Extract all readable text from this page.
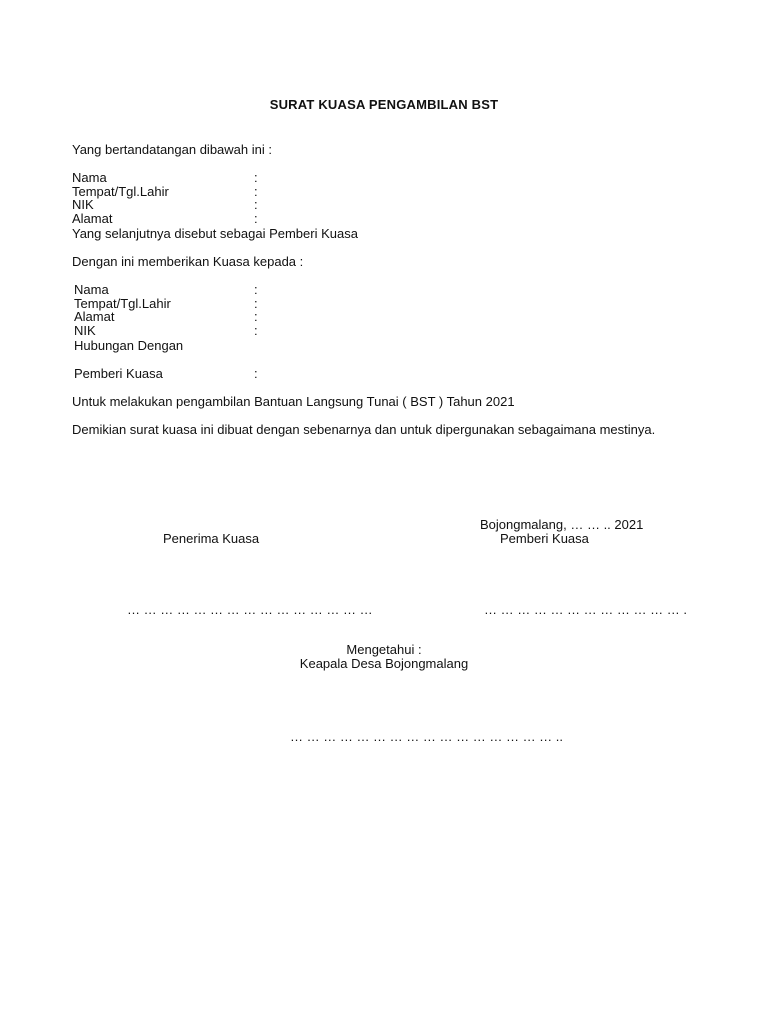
SURAT KUASA PENGAMBILAN BST
Yang bertandatangan dibawah ini :
Nama	:
Tempat/Tgl.Lahir	:
NIK	:
Alamat	:
Yang selanjutnya disebut sebagai Pemberi Kuasa
Dengan ini memberikan Kuasa kepada :
Nama	:
Tempat/Tgl.Lahir	:
Alamat	:
NIK	:
Hubungan Dengan
Pemberi Kuasa	:
Untuk melakukan pengambilan Bantuan Langsung Tunai ( BST ) Tahun 2021
Demikian surat kuasa ini dibuat dengan sebenarnya dan untuk dipergunakan sebagaimana mestinya.
Bojongmalang, … … .. 2021
Penerima Kuasa	Pemberi Kuasa
… … … … … … … … … … … … … … …	… … … … … … … … … … … … .
Mengetahui :
Keapala Desa Bojongmalang
… … … … … … … … … … … … … … … … ..
